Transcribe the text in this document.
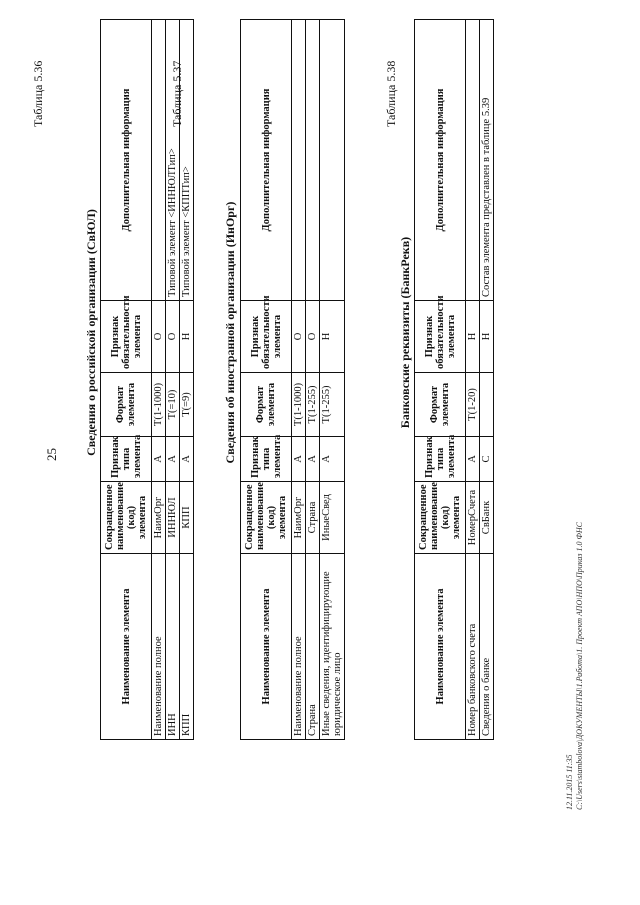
25
Таблица 5.36
Сведения о российской организации (СвЮЛ)
Наименование элемента	Сокращенное наименование (код) элемента	Признак типа элемента	Формат элемента	Признак обязательности элемента	Дополнительная информация
Наименование полное	НаимОрг	А	T(1-1000)	О	
ИНН	ИННЮЛ	А	T(=10)	О	Типовой элемент <ИННЮЛТип>
КПП	КПП	А	T(=9)	Н	Типовой элемент <КППТип>
Таблица 5.37
Сведения об иностранной организации (ИнОрг)
Наименование элемента	Сокращенное наименование (код) элемента	Признак типа элемента	Формат элемента	Признак обязательности элемента	Дополнительная информация
Наименование полное	НаимОрг	А	T(1-1000)	О	
Страна	Страна	А	T(1-255)	О	
Иные сведения, идентифицирующие юридическое лицо	ИныеСвед	А	T(1-255)	Н	
Таблица 5.38
Банковские реквизиты (БанкРекв)
Наименование элемента	Сокращенное наименование (код) элемента	Признак типа элемента	Формат элемента	Признак обязательности элемента	Дополнительная информация
Номер банковского счета	НомерСчета	А	T(1-20)	Н	
Сведения о банке	СвБанк	С		Н	Состав элемента представлен в таблице 5.39
12.11.2015 11:35 С:\Users\stambolova\ДОКУМЕНТЫ\1.Работа\1. Проект АПО\НПО\Приказ 1.0 ФНС
